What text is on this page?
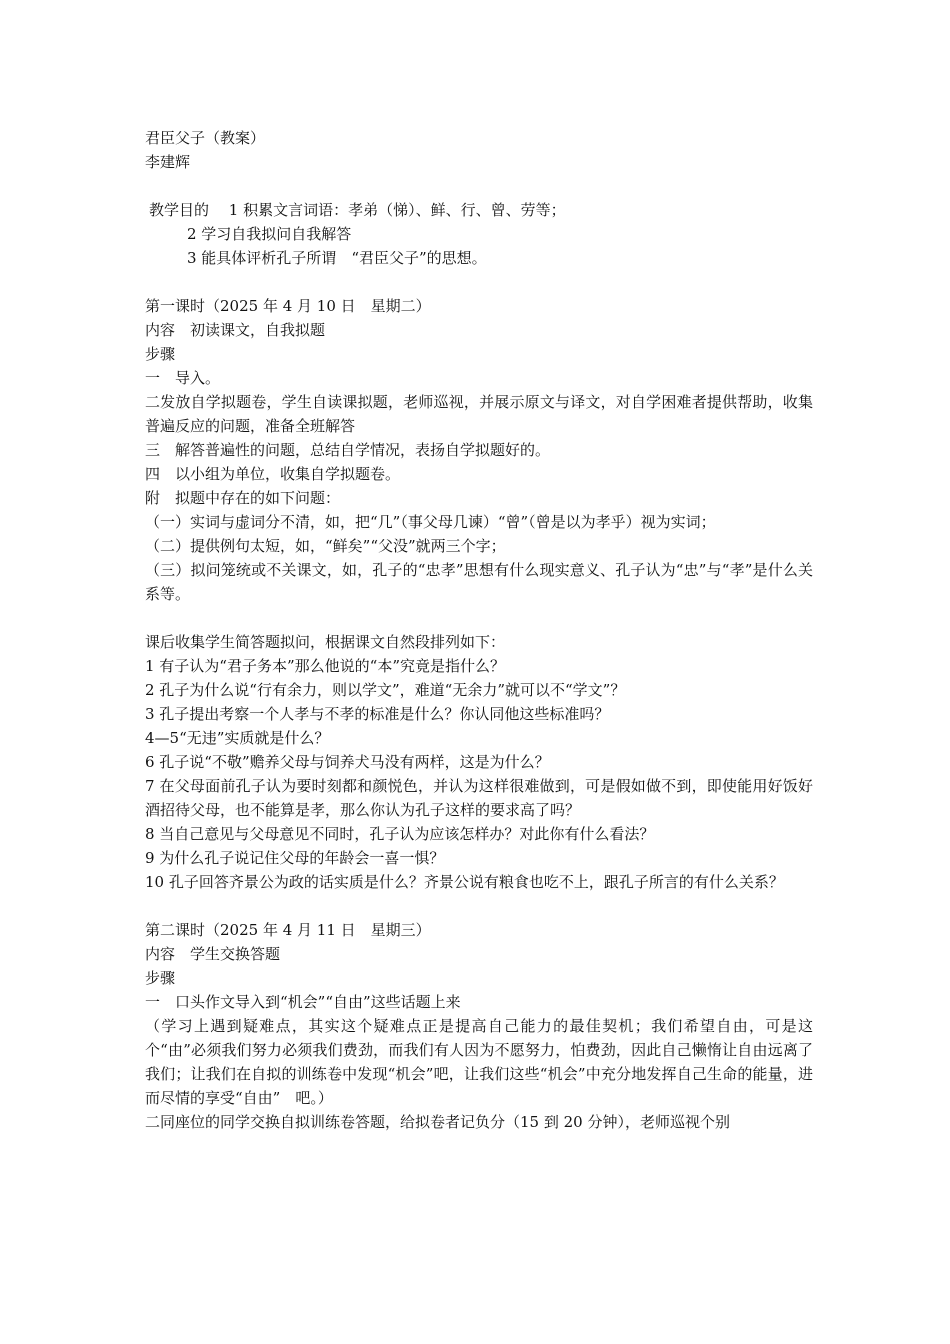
君臣父子（教案）
李建辉
教学目的　 1 积累文言词语：孝弟（悌）、鲜、行、曾、劳等；
2 学习自我拟问自我解答
3 能具体评析孔子所谓　“君臣父子”的思想。
第一课时（2025 年 4 月 10 日　星期二）
内容　初读课文，自我拟题
步骤
一　导入。
二发放自学拟题卷，学生自读课拟题，老师巡视，并展示原文与译文，对自学困难者提供帮助，收集普遍反应的问题，准备全班解答
三　解答普遍性的问题，总结自学情况，表扬自学拟题好的。
四　以小组为单位，收集自学拟题卷。
附　拟题中存在的如下问题：
（一）实词与虚词分不清，如，把“几”（事父母几谏）“曾”（曾是以为孝乎）视为实词；
（二）提供例句太短，如，“鲜矣”“父没”就两三个字；
（三）拟问笼统或不关课文，如，孔子的“忠孝”思想有什么现实意义、孔子认为“忠”与“孝”是什么关系等。
课后收集学生简答题拟问，根据课文自然段排列如下：
1 有子认为“君子务本”那么他说的“本”究竟是指什么？
2 孔子为什么说“行有余力，则以学文”，难道“无余力”就可以不“学文”？
3 孔子提出考察一个人孝与不孝的标准是什么？你认同他这些标准吗？
4—5“无违”实质就是什么？
6 孔子说“不敬”赡养父母与饲养犬马没有两样，这是为什么？
7 在父母面前孔子认为要时刻都和颜悦色，并认为这样很难做到，可是假如做不到，即使能用好饭好酒招待父母，也不能算是孝，那么你认为孔子这样的要求高了吗？
8 当自己意见与父母意见不同时，孔子认为应该怎样办？对此你有什么看法？
9 为什么孔子说记住父母的年龄会一喜一惧？
10 孔子回答齐景公为政的话实质是什么？齐景公说有粮食也吃不上，跟孔子所言的有什么关系？
第二课时（2025 年 4 月 11 日　星期三）
内容　学生交换答题
步骤
一　口头作文导入到“机会”“自由”这些话题上来
（学习上遇到疑难点，其实这个疑难点正是提高自己能力的最佳契机；我们希望自由，可是这个“由”必须我们努力必须我们费劲，而我们有人因为不愿努力，怕费劲，因此自己懒惰让自由远离了我们；让我们在自拟的训练卷中发现“机会”吧，让我们这些“机会”中充分地发挥自己生命的能量，进而尽情的享受“自由”　吧。）
二同座位的同学交换自拟训练卷答题，给拟卷者记负分（15 到 20 分钟），老师巡视个别
